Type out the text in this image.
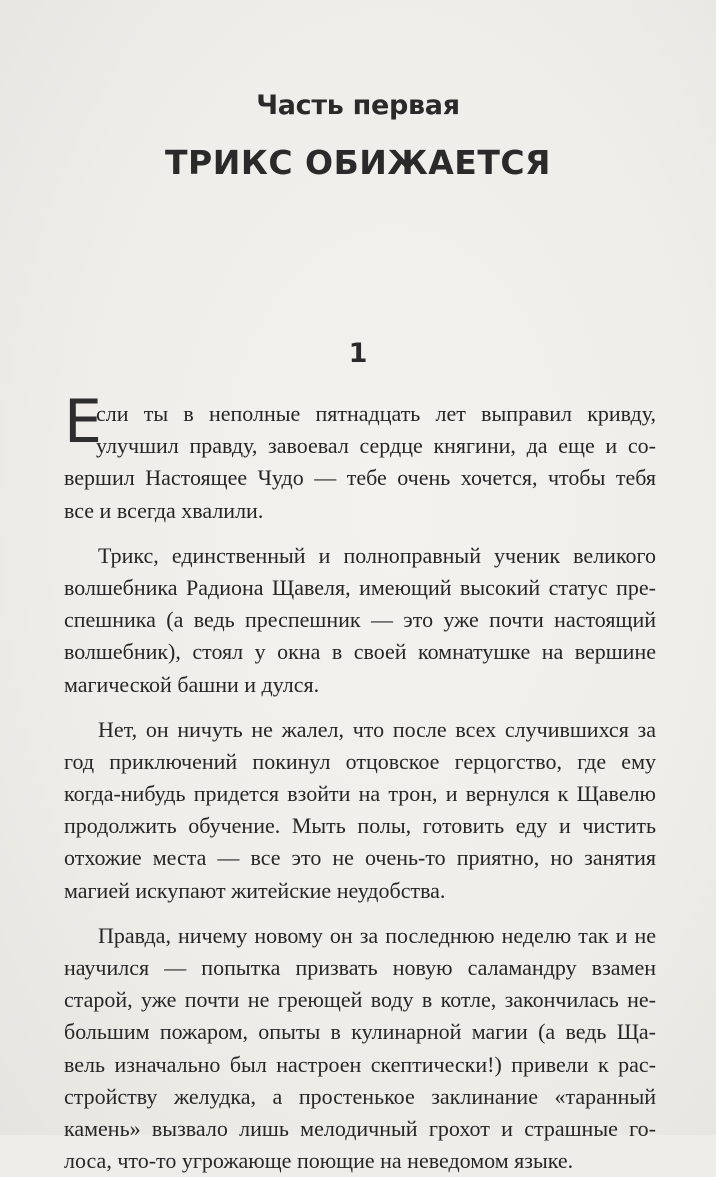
Часть первая
ТРИКС ОБИЖАЕТСЯ
1
Е
сли ты в неполные пятнадцать лет выправил кривду,
улучшил правду, завоевал сердце княгини, да еще и со-
вершил Настоящее Чудо — тебе очень хочется, чтобы тебя
все и всегда хвалили.
Трикс, единственный и полноправный ученик великого
волшебника Радиона Щавеля, имеющий высокий статус пре-
спешника (а ведь преспешник — это уже почти настоящий
волшебник), стоял у окна в своей комнатушке на вершине
магической башни и дулся.
Нет, он ничуть не жалел, что после всех случившихся за
год приключений покинул отцовское герцогство, где ему
когда-нибудь придется взойти на трон, и вернулся к Щавелю
продолжить обучение. Мыть полы, готовить еду и чистить
отхожие места — все это не очень-то приятно, но занятия
магией искупают житейские неудобства.
Правда, ничему новому он за последнюю неделю так и не
научился — попытка призвать новую саламандру взамен
старой, уже почти не греющей воду в котле, закончилась не-
большим пожаром, опыты в кулинарной магии (а ведь Ща-
вель изначально был настроен скептически!) привели к рас-
стройству желудка, а простенькое заклинание «таранный
камень» вызвало лишь мелодичный грохот и страшные го-
лоса, что-то угрожающе поющие на неведомом языке.
